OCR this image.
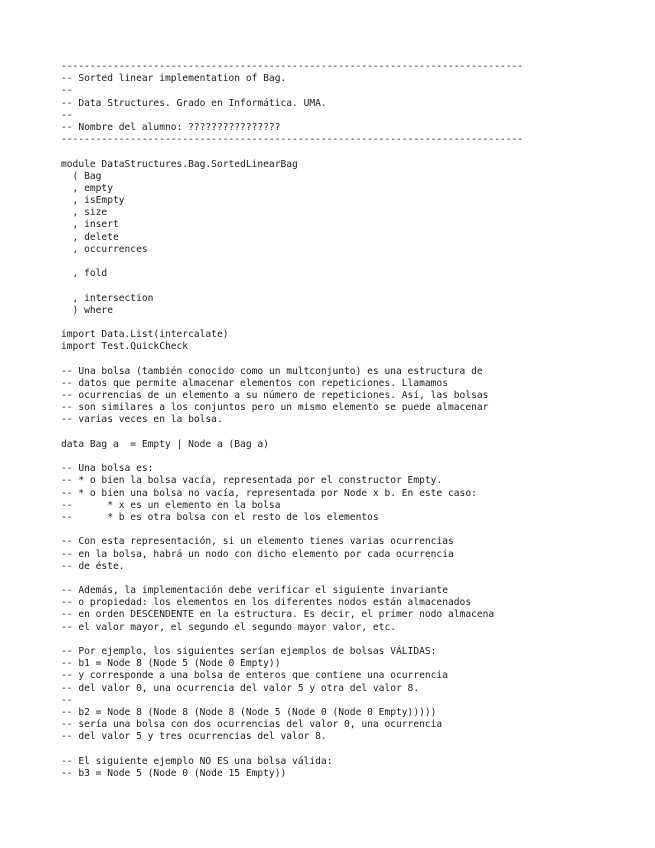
--------------------------------------------------------------------------------
-- Sorted linear implementation of Bag.
--
-- Data Structures. Grado en Informática. UMA.
--
-- Nombre del alumno: ????????????????
--------------------------------------------------------------------------------
module DataStructures.Bag.SortedLinearBag
( Bag
, empty
, isEmpty
, size
, insert
, delete
, occurrences
, fold
, intersection
) where
import Data.List(intercalate)
import Test.QuickCheck
-- Una bolsa (también conocido como un multconjunto) es una estructura de
-- datos que permite almacenar elementos con repeticiones. Llamamos
-- ocurrencias de un elemento a su número de repeticiones. Así, las bolsas
-- son similares a los conjuntos pero un mismo elemento se puede almacenar
-- varias veces en la bolsa.
data Bag a  = Empty | Node a (Bag a)
-- Una bolsa es:
-- * o bien la bolsa vacía, representada por el constructor Empty.
-- * o bien una bolsa no vacía, representada por Node x b. En este caso:
--      * x es un elemento en la bolsa
--      * b es otra bolsa con el resto de los elementos
-- Con esta representación, si un elemento tienes varias ocurrencias
-- en la bolsa, habrá un nodo con dicho elemento por cada ocurrencia
-- de éste.
-- Además, la implementación debe verificar el siguiente invariante
-- o propiedad: los elementos en los diferentes nodos están almacenados
-- en orden DESCENDENTE en la estructura. Es decir, el primer nodo almacena
-- el valor mayor, el segundo el segundo mayor valor, etc.
-- Por ejemplo, los siguientes serían ejemplos de bolsas VÁLIDAS:
-- b1 = Node 8 (Node 5 (Node 0 Empty))
-- y corresponde a una bolsa de enteros que contiene una ocurrencia
-- del valor 0, una ocurrencia del valor 5 y otra del valor 8.
--
-- b2 = Node 8 (Node 8 (Node 8 (Node 5 (Node 0 (Node 0 Empty)))))
-- sería una bolsa con dos ocurrencias del valor 0, una ocurrencia
-- del valor 5 y tres ocurrencias del valor 8.
-- El siguiente ejemplo NO ES una bolsa válida:
-- b3 = Node 5 (Node 0 (Node 15 Empty))
